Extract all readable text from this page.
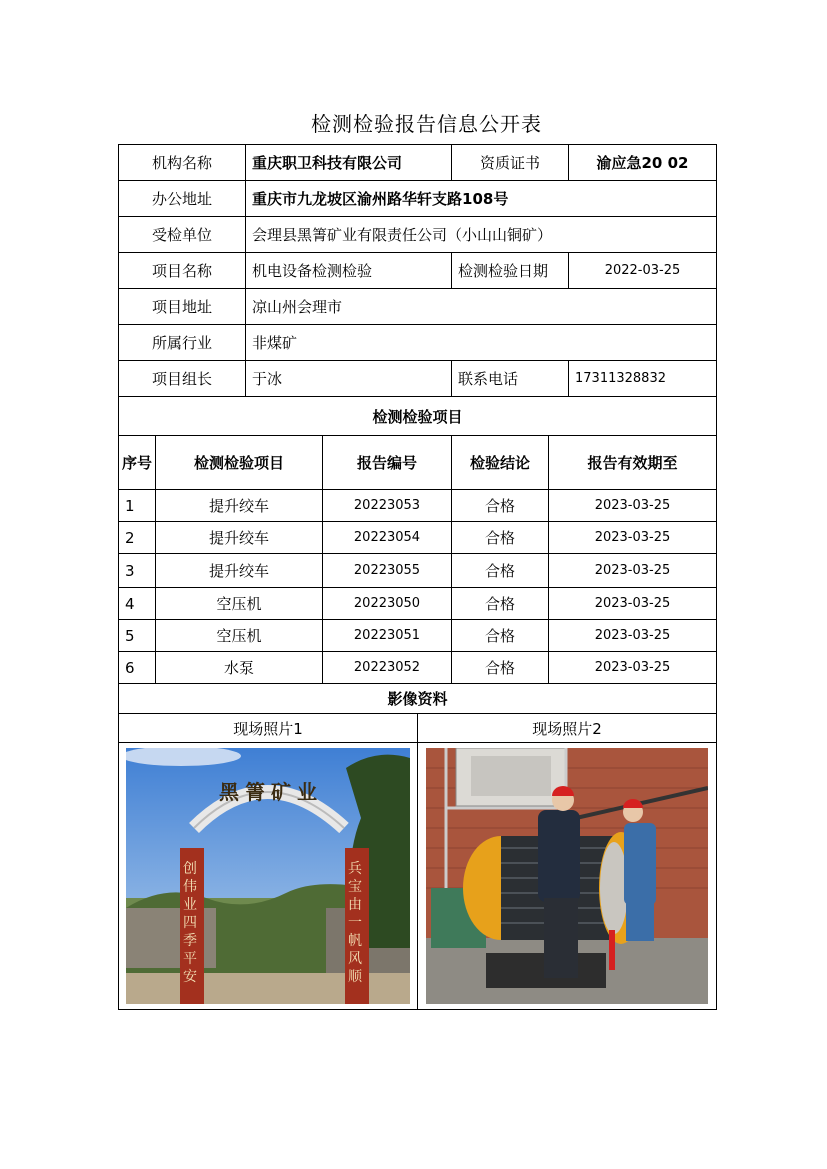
检测检验报告信息公开表
机构名称	重庆职卫科技有限公司	资质证书	渝应急20 02
办公地址	重庆市九龙坡区渝州路华轩支路108号
受检单位	会理县黑箐矿业有限责任公司（小山山铜矿）
项目名称	机电设备检测检验	检测检验日期	2022-03-25
项目地址	凉山州会理市
所属行业	非煤矿
项目组长	于冰	联系电话	17311328832
检测检验项目
序号	检测检验项目	报告编号	检验结论	报告有效期至
1	提升绞车	20223053	合格	2023-03-25
2	提升绞车	20223054	合格	2023-03-25
3	提升绞车	20223055	合格	2023-03-25
4	空压机	20223050	合格	2023-03-25
5	空压机	20223051	合格	2023-03-25
6	水泵	20223052	合格	2023-03-25
影像资料
现场照片1	现场照片2
黑箐矿业
创伟业四季平安
兵宝由一帆风顺
